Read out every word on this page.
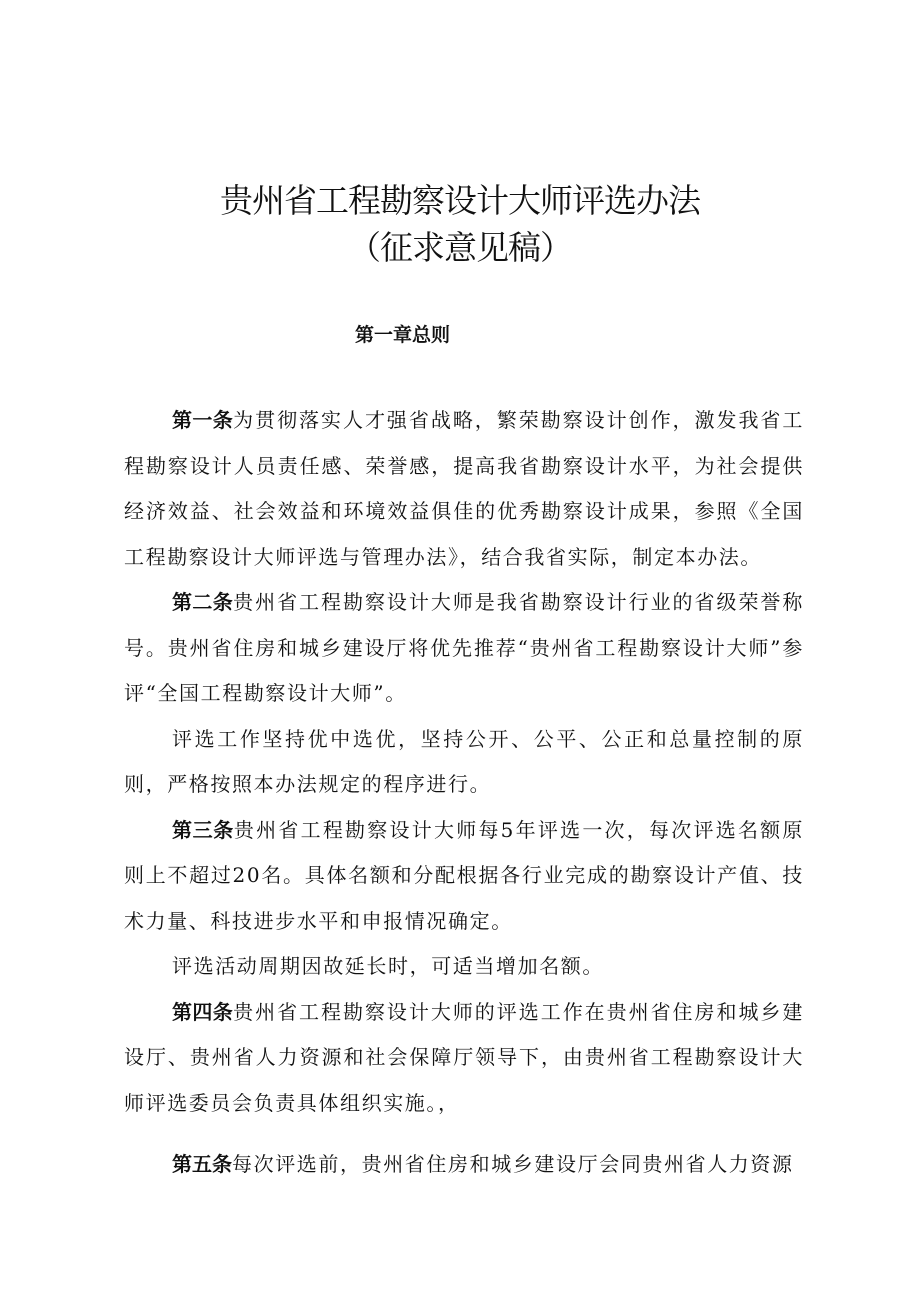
贵州省工程勘察设计大师评选办法
（征求意见稿）
第一章总则

第一条为贯彻落实人才强省战略，繁荣勘察设计创作，激发我省工程勘察设计人员责任感、荣誉感，提高我省勘察设计水平，为社会提供经济效益、社会效益和环境效益俱佳的优秀勘察设计成果，参照《全国工程勘察设计大师评选与管理办法》，结合我省实际，制定本办法。

第二条贵州省工程勘察设计大师是我省勘察设计行业的省级荣誉称号。贵州省住房和城乡建设厅将优先推荐“贵州省工程勘察设计大师”参评“全国工程勘察设计大师”。

评选工作坚持优中选优，坚持公开、公平、公正和总量控制的原则，严格按照本办法规定的程序进行。

第三条贵州省工程勘察设计大师每5年评选一次，每次评选名额原则上不超过20名。具体名额和分配根据各行业完成的勘察设计产值、技术力量、科技进步水平和申报情况确定。

评选活动周期因故延长时，可适当增加名额。

第四条贵州省工程勘察设计大师的评选工作在贵州省住房和城乡建设厅、贵州省人力资源和社会保障厅领导下，由贵州省工程勘察设计大师评选委员会负责具体组织实施。，

第五条每次评选前，贵州省住房和城乡建设厅会同贵州省人力资源
